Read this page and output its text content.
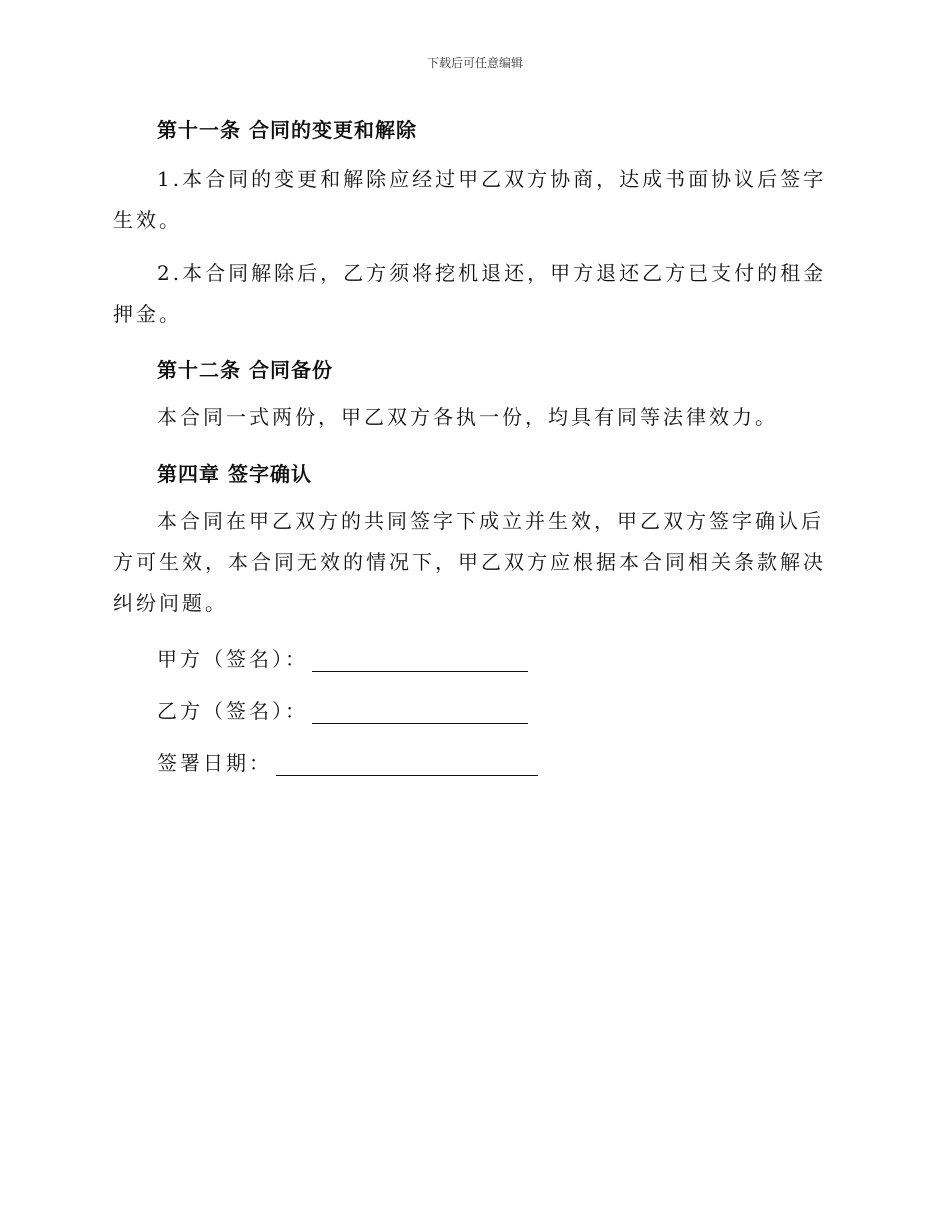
下载后可任意编辑
第十一条 合同的变更和解除
1.本合同的变更和解除应经过甲乙双方协商，达成书面协议后签字生效。
2.本合同解除后，乙方须将挖机退还，甲方退还乙方已支付的租金押金。
第十二条 合同备份
本合同一式两份，甲乙双方各执一份，均具有同等法律效力。
第四章 签字确认
本合同在甲乙双方的共同签字下成立并生效，甲乙双方签字确认后方可生效，本合同无效的情况下，甲乙双方应根据本合同相关条款解决纠纷问题。
甲方（签名）：
乙方（签名）：
签署日期：
